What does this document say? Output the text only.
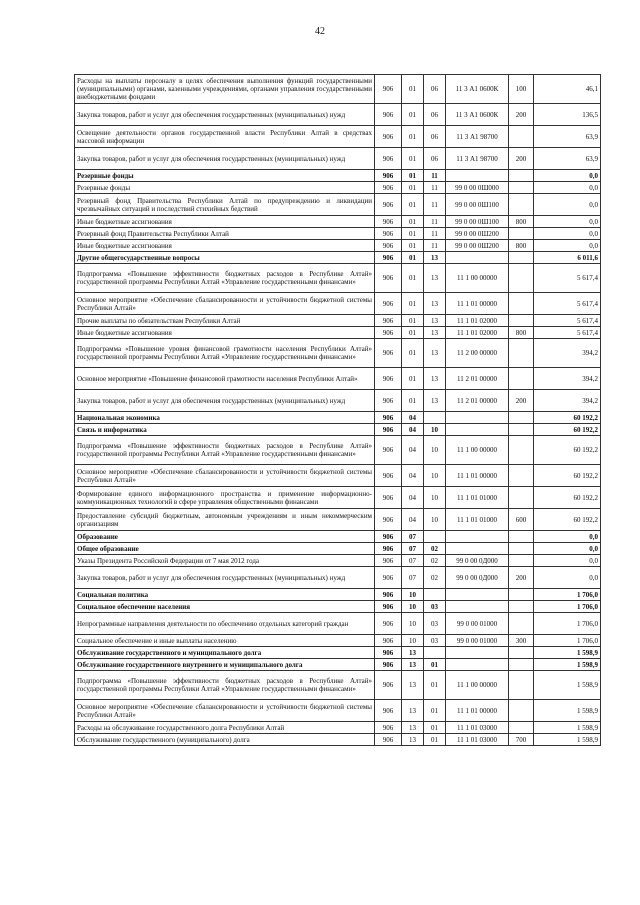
42
Расходы на выплаты персоналу в целях обеспечения выполнения функций государственными (муниципальными) органами, казенными учреждениями, органами управления государственными внебюджетными фондами	906	01	06	11 3 А1 0600К	100	46,1
Закупка товаров, работ и услуг для обеспечения государственных (муниципальных) нужд	906	01	06	11 3 А1 0600К	200	136,5
Освещение деятельности органов государственной власти Республики Алтай в средствах массовой информации	906	01	06	11 3 А1 98700		63,9
Закупка товаров, работ и услуг для обеспечения государственных (муниципальных) нужд	906	01	06	11 3 А1 98700	200	63,9
Резервные фонды	906	01	11			0,0
Резервные фонды	906	01	11	99 0 00 0Ш000		0,0
Резервный фонд Правительства Республики Алтай по предупреждению и ликвидации чрезвычайных ситуаций и последствий стихийных бедствий	906	01	11	99 0 00 0Ш100		0,0
Иные бюджетные ассигнования	906	01	11	99 0 00 0Ш100	800	0,0
Резервный фонд Правительства Республики Алтай	906	01	11	99 0 00 0Ш200		0,0
Иные бюджетные ассигнования	906	01	11	99 0 00 0Ш200	800	0,0
Другие общегосударственные вопросы	906	01	13			6 011,6
Подпрограмма «Повышение эффективности бюджетных расходов в Республике Алтай» государственной программы Республики Алтай «Управление государственными финансами»	906	01	13	11 1 00 00000		5 617,4
Основное мероприятие «Обеспечение сбалансированности и устойчивости бюджетной системы Республики Алтай»	906	01	13	11 1 01 00000		5 617,4
Прочие выплаты по обязательствам Республики Алтай	906	01	13	11 1 01 02000		5 617,4
Иные бюджетные ассигнования	906	01	13	11 1 01 02000	800	5 617,4
Подпрограмма «Повышение уровня финансовой грамотности населения Республики Алтай» государственной программы Республики Алтай «Управление государственными финансами»	906	01	13	11 2 00 00000		394,2
Основное мероприятие «Повышение финансовой грамотности населения Республики Алтай»	906	01	13	11 2 01 00000		394,2
Закупка товаров, работ и услуг для обеспечения государственных (муниципальных) нужд	906	01	13	11 2 01 00000	200	394,2
Национальная экономика	906	04				60 192,2
Связь и информатика	906	04	10			60 192,2
Подпрограмма «Повышение эффективности бюджетных расходов в Республике Алтай» государственной программы Республики Алтай «Управление государственными финансами»	906	04	10	11 1 00 00000		60 192,2
Основное мероприятие «Обеспечение сбалансированности и устойчивости бюджетной системы Республики Алтай»	906	04	10	11 1 01 00000		60 192,2
Формирование единого информационного пространства и применение информационно-коммуникационных технологий в сфере управления общественными финансами	906	04	10	11 1 01 01000		60 192,2
Предоставление субсидий бюджетным, автономным учреждениям и иным некоммерческим организациям	906	04	10	11 1 01 01000	600	60 192,2
Образование	906	07				0,0
Общее образование	906	07	02			0,0
Указы Президента Российской Федерации от 7 мая 2012 года	906	07	02	99 0 00 0Д000		0,0
Закупка товаров, работ и услуг для обеспечения государственных (муниципальных) нужд	906	07	02	99 0 00 0Д000	200	0,0
Социальная политика	906	10				1 706,0
Социальное обеспечение населения	906	10	03			1 706,0
Непрограммные направления деятельности по обеспечению отдельных категорий граждан	906	10	03	99 0 00 01000		1 706,0
Социальное обеспечение и иные выплаты населению	906	10	03	99 0 00 01000	300	1 706,0
Обслуживание государственного и муниципального долга	906	13				1 598,9
Обслуживание государственного внутреннего и муниципального долга	906	13	01			1 598,9
Подпрограмма «Повышение эффективности бюджетных расходов в Республике Алтай» государственной программы Республики Алтай «Управление государственными финансами»	906	13	01	11 1 00 00000		1 598,9
Основное мероприятие «Обеспечение сбалансированности и устойчивости бюджетной системы Республики Алтай»	906	13	01	11 1 01 00000		1 598,9
Расходы на обслуживание государственного долга Республики Алтай	906	13	01	11 1 01 03000		1 598,9
Обслуживание государственного (муниципального) долга	906	13	01	11 1 01 03000	700	1 598,9
